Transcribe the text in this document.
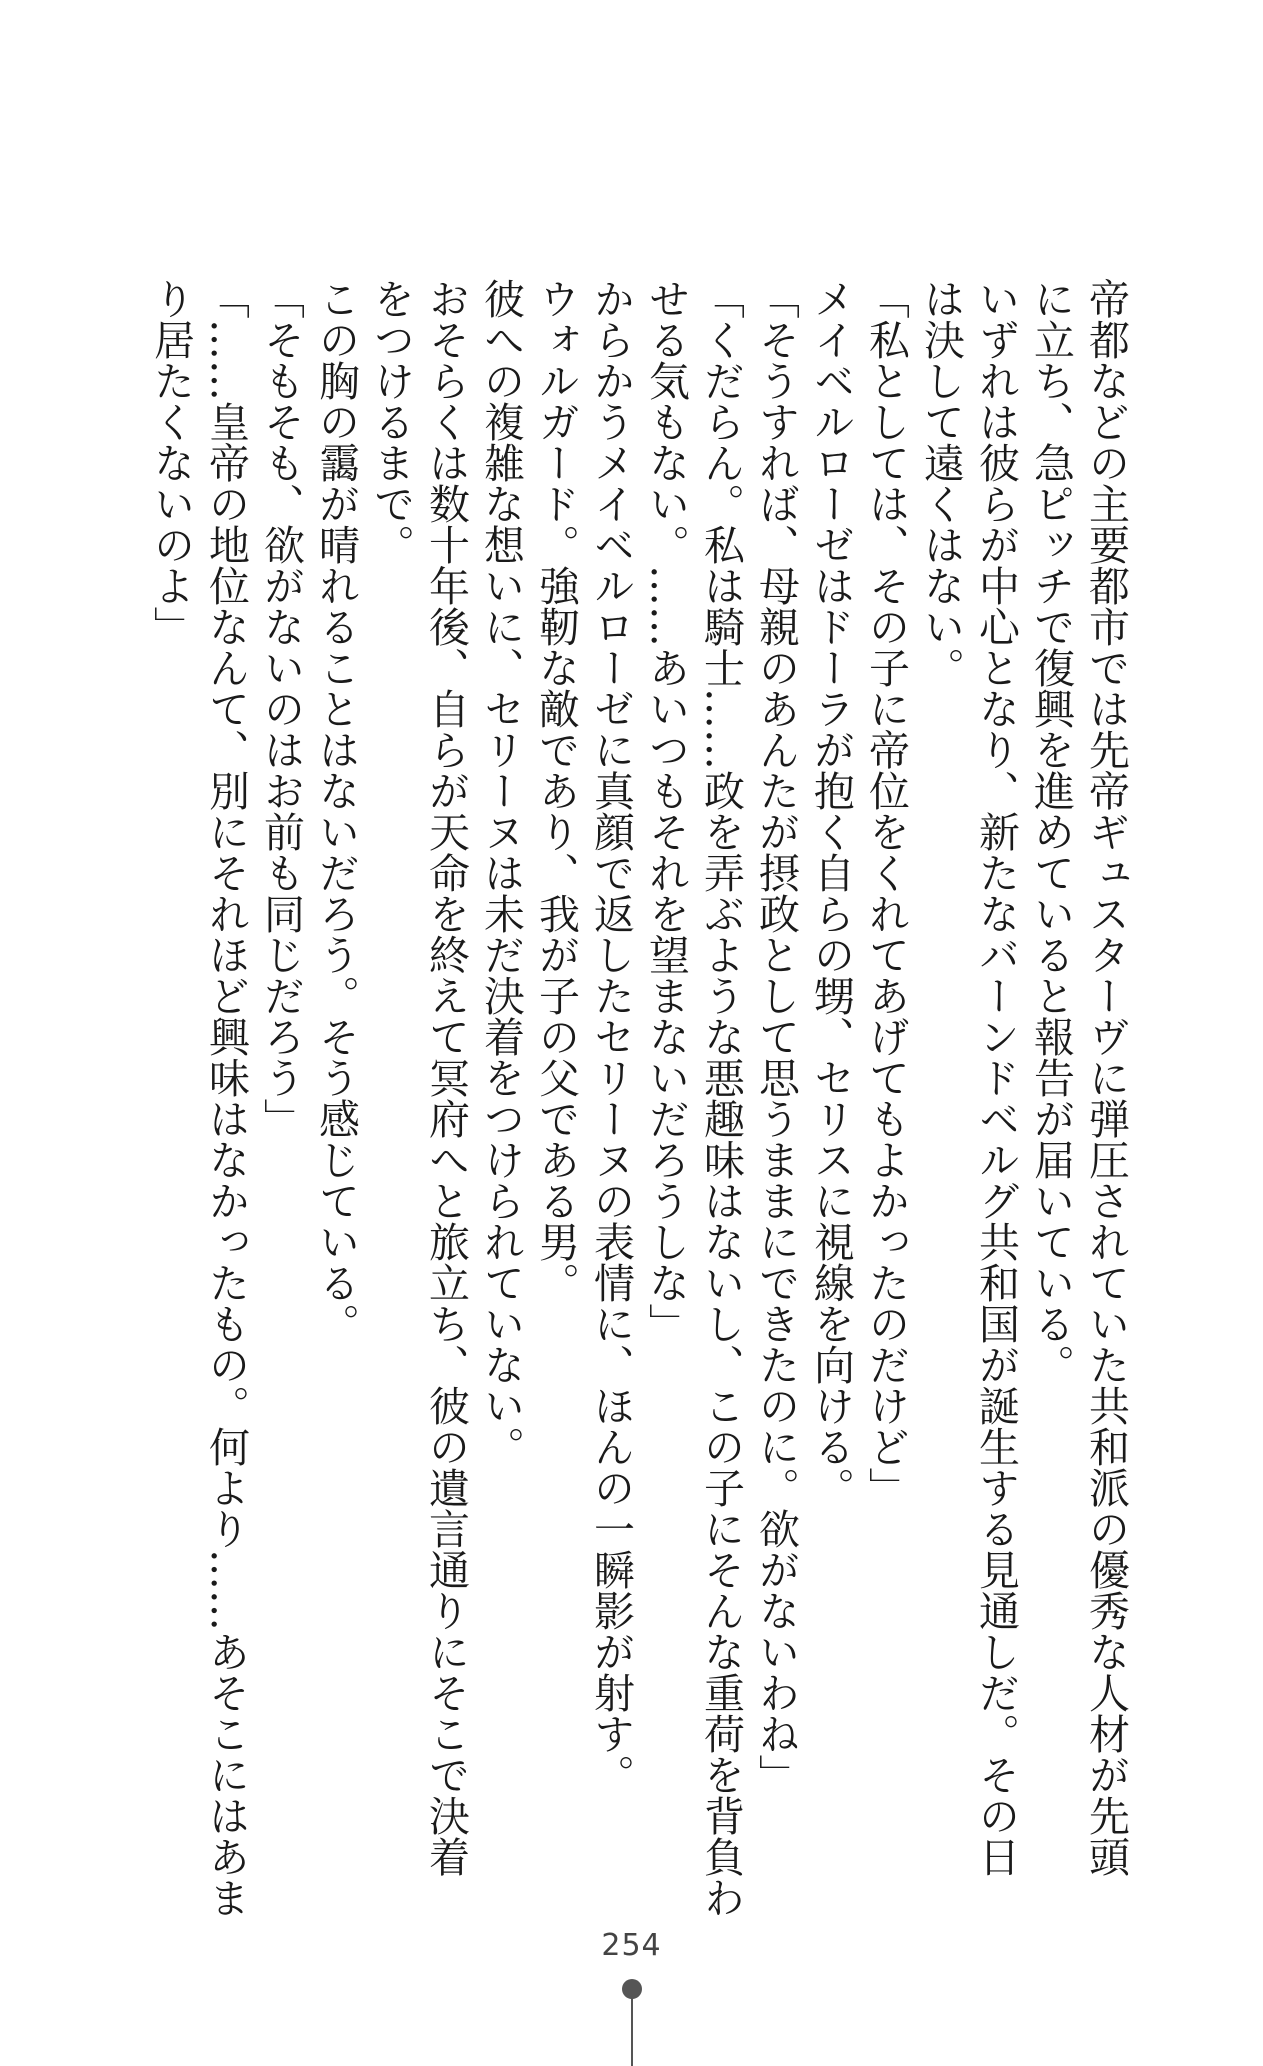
帝都などの主要都市では先帝ギュスターヴに弾圧されていた共和派の優秀な人材が先頭
に立ち、急ピッチで復興を進めていると報告が届いている。
いずれは彼らが中心となり、新たなバーンドベルグ共和国が誕生する見通しだ。その日
は決して遠くはない。
「私としては、その子に帝位をくれてあげてもよかったのだけど」
メイベルローゼはドーラが抱く自らの甥、セリスに視線を向ける。
「そうすれば、母親のあんたが摂政として思うままにできたのに。欲がないわね」
「くだらん。私は騎士……政を弄ぶような悪趣味はないし、この子にそんな重荷を背負わ
せる気もない。……あいつもそれを望まないだろうしな」
からかうメイベルローゼに真顔で返したセリーヌの表情に、ほんの一瞬影が射す。
ウォルガード。強靭な敵であり、我が子の父である男。
彼への複雑な想いに、セリーヌは未だ決着をつけられていない。
おそらくは数十年後、自らが天命を終えて冥府へと旅立ち、彼の遺言通りにそこで決着
をつけるまで。
この胸の靄が晴れることはないだろう。そう感じている。
「そもそも、欲がないのはお前も同じだろう」
「……皇帝の地位なんて、別にそれほど興味はなかったもの。何より……あそこにはあま
り居たくないのよ」
254
